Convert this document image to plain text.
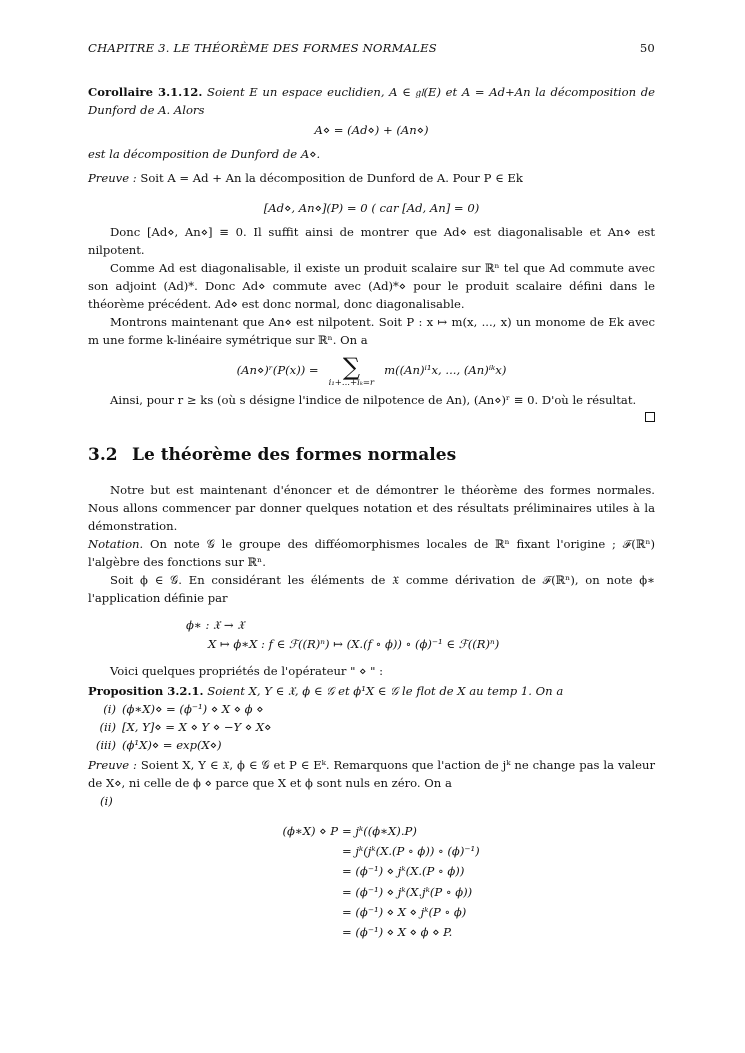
CHAPITRE 3. LE THÉORÈME DES FORMES NORMALES	50

Corollaire 3.1.12. Soient E un espace euclidien, A ∈ 𝔤𝔩(E) et A = Ad+An la décomposition de Dunford de A. Alors

A⋄ = (Ad⋄) + (An⋄)

est la décomposition de Dunford de A⋄.

Preuve : Soit A = Ad + An la décomposition de Dunford de A. Pour P ∈ Ek

[Ad⋄, An⋄](P) = 0 ( car [Ad, An] = 0)

Donc [Ad⋄, An⋄] ≡ 0. Il suffit ainsi de montrer que Ad⋄ est diagonalisable et An⋄ est nilpotent.

Comme Ad est diagonalisable, il existe un produit scalaire sur ℝⁿ tel que Ad commute avec son adjoint (Ad)*. Donc Ad⋄ commute avec (Ad)*⋄ pour le produit scalaire défini dans le théorème précédent. Ad⋄ est donc normal, donc diagonalisable.

Montrons maintenant que An⋄ est nilpotent. Soit P : x ↦ m(x, ..., x) un monome de Ek avec m une forme k-linéaire symétrique sur ℝⁿ. On a

(An⋄)ʳ(P(x)) = ∑
i₁+...+iₖ=r
m((An)ⁱ¹x, ..., (An)ⁱᵏx)

Ainsi, pour r ≥ ks (où s désigne l'indice de nilpotence de An), (An⋄)ʳ ≡ 0. D'où le résultat.

3.2 Le théorème des formes normales

Notre but est maintenant d'énoncer et de démontrer le théorème des formes normales. Nous allons commencer par donner quelques notation et des résultats préliminaires utiles à la démonstration.

Notation. On note 𝒢 le groupe des difféomorphismes locales de ℝⁿ fixant l'origine ; ℱ(ℝⁿ) l'algèbre des fonctions sur ℝⁿ.

Soit ϕ ∈ 𝒢. En considérant les éléments de 𝔛 comme dérivation de ℱ(ℝⁿ), on note ϕ∗ l'application définie par

ϕ∗ : 𝔛 → 𝔛
X ↦ ϕ∗X : f ∈ ℱ((R)ⁿ) ↦ (X.(f ∘ ϕ)) ∘ (ϕ)⁻¹ ∈ ℱ((R)ⁿ)

Voici quelques propriétés de l'opérateur " ⋄ " :

Proposition 3.2.1. Soient X, Y ∈ 𝔛, ϕ ∈ 𝒢 et ϕ¹X ∈ 𝒢 le flot de X au temp 1. On a

(i) (ϕ∗X)⋄ = (ϕ⁻¹) ⋄ X ⋄ ϕ ⋄
(ii) [X, Y]⋄ = X ⋄ Y ⋄ −Y ⋄ X⋄
(iii) (ϕ¹X)⋄ = exp(X⋄)

Preuve : Soient X, Y ∈ 𝔛, ϕ ∈ 𝒢 et P ∈ Eᵏ. Remarquons que l'action de jᵏ ne change pas la valeur de X⋄, ni celle de ϕ ⋄ parce que X et ϕ sont nuls en zéro. On a

(i)
(ϕ∗X) ⋄ P = jᵏ((ϕ∗X).P)
= jᵏ(jᵏ(X.(P ∘ ϕ)) ∘ (ϕ)⁻¹)
= (ϕ⁻¹) ⋄ jᵏ(X.(P ∘ ϕ))
= (ϕ⁻¹) ⋄ jᵏ(X.jᵏ(P ∘ ϕ))
= (ϕ⁻¹) ⋄ X ⋄ jᵏ(P ∘ ϕ)
= (ϕ⁻¹) ⋄ X ⋄ ϕ ⋄ P.
